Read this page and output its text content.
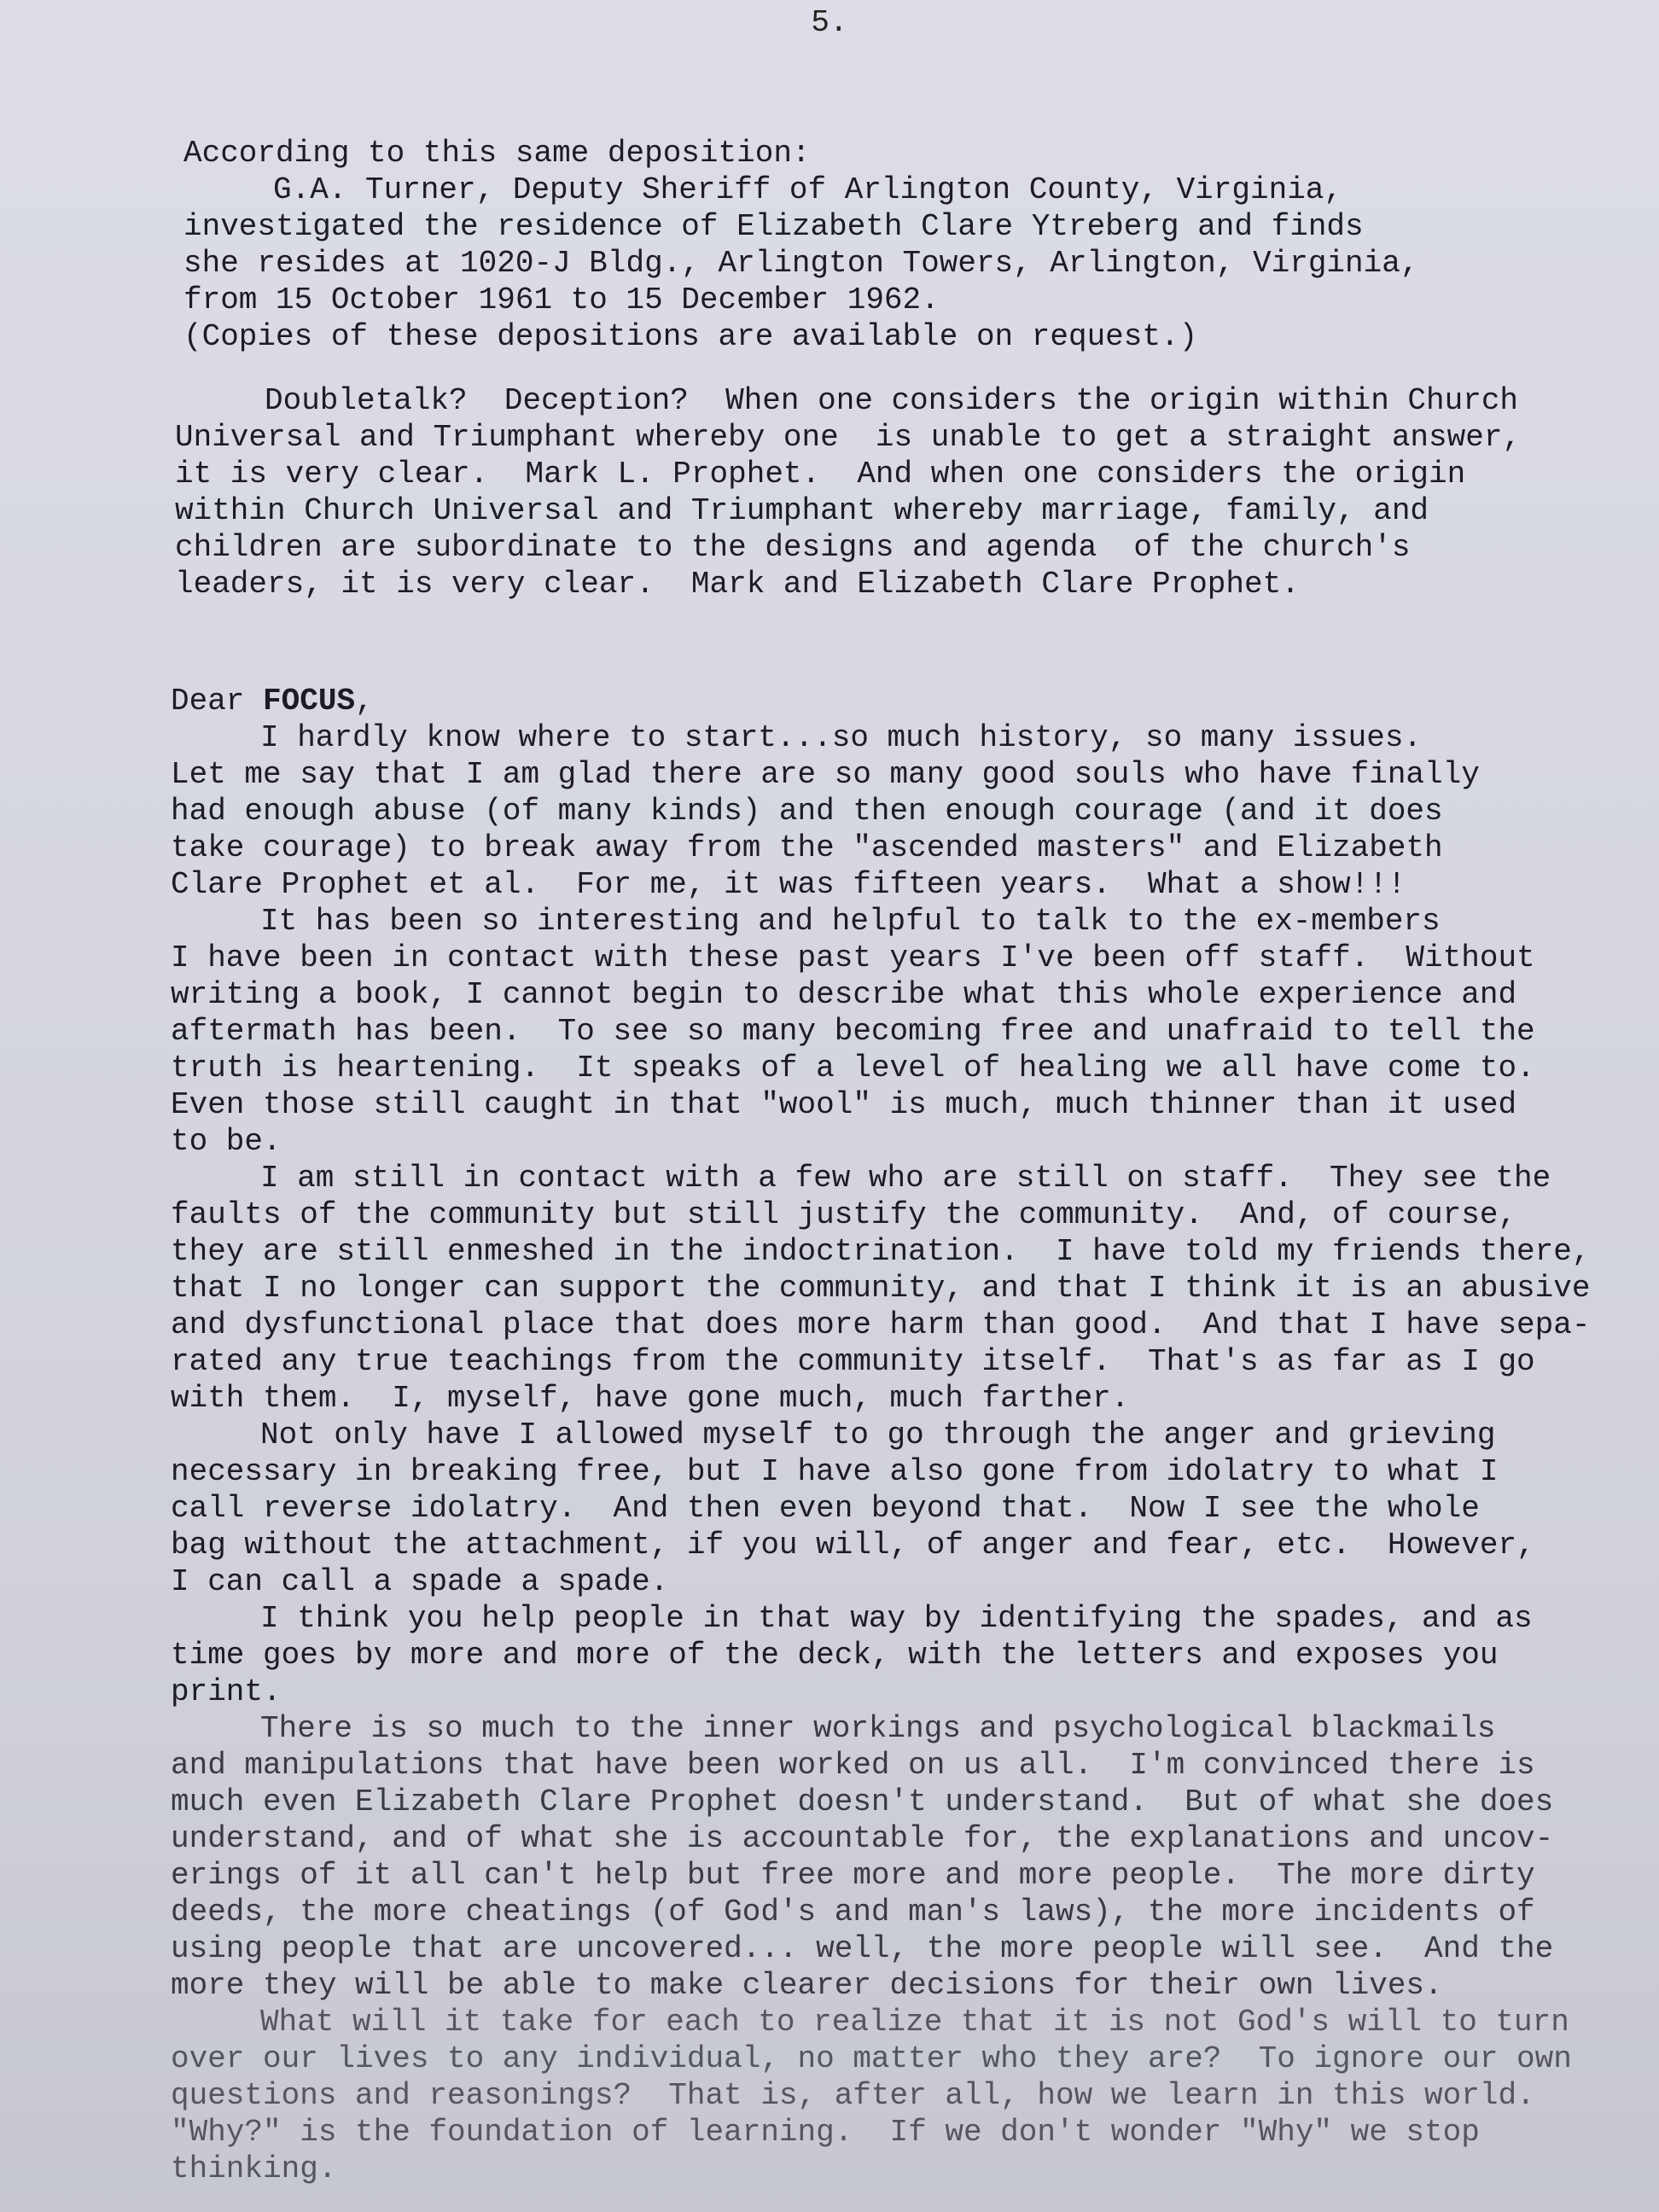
5.

According to this same deposition:

G.A. Turner, Deputy Sheriff of Arlington County, Virginia,

investigated the residence of Elizabeth Clare Ytreberg and finds

she resides at 1020-J Bldg., Arlington Towers, Arlington, Virginia,

from 15 October 1961 to 15 December 1962.

(Copies of these depositions are available on request.)

Doubletalk?  Deception?  When one considers the origin within Church

Universal and Triumphant whereby one  is unable to get a straight answer,

it is very clear.  Mark L. Prophet.  And when one considers the origin

within Church Universal and Triumphant whereby marriage, family, and

children are subordinate to the designs and agenda  of the church's

leaders, it is very clear.  Mark and Elizabeth Clare Prophet.

Dear FOCUS,

I hardly know where to start...so much history, so many issues.

Let me say that I am glad there are so many good souls who have finally

had enough abuse (of many kinds) and then enough courage (and it does

take courage) to break away from the "ascended masters" and Elizabeth

Clare Prophet et al.  For me, it was fifteen years.  What a show!!!

It has been so interesting and helpful to talk to the ex-members

I have been in contact with these past years I've been off staff.  Without

writing a book, I cannot begin to describe what this whole experience and

aftermath has been.  To see so many becoming free and unafraid to tell the

truth is heartening.  It speaks of a level of healing we all have come to.

Even those still caught in that "wool" is much, much thinner than it used

to be.

I am still in contact with a few who are still on staff.  They see the

faults of the community but still justify the community.  And, of course,

they are still enmeshed in the indoctrination.  I have told my friends there,

that I no longer can support the community, and that I think it is an abusive

and dysfunctional place that does more harm than good.  And that I have sepa-

rated any true teachings from the community itself.  That's as far as I go

with them.  I, myself, have gone much, much farther.

Not only have I allowed myself to go through the anger and grieving

necessary in breaking free, but I have also gone from idolatry to what I

call reverse idolatry.  And then even beyond that.  Now I see the whole

bag without the attachment, if you will, of anger and fear, etc.  However,

I can call a spade a spade.

I think you help people in that way by identifying the spades, and as

time goes by more and more of the deck, with the letters and exposes you

print.

There is so much to the inner workings and psychological blackmails

and manipulations that have been worked on us all.  I'm convinced there is

much even Elizabeth Clare Prophet doesn't understand.  But of what she does

understand, and of what she is accountable for, the explanations and uncov-

erings of it all can't help but free more and more people.  The more dirty

deeds, the more cheatings (of God's and man's laws), the more incidents of

using people that are uncovered... well, the more people will see.  And the

more they will be able to make clearer decisions for their own lives.

What will it take for each to realize that it is not God's will to turn

over our lives to any individual, no matter who they are?  To ignore our own

questions and reasonings?  That is, after all, how we learn in this world.

"Why?" is the foundation of learning.  If we don't wonder "Why" we stop

thinking.
